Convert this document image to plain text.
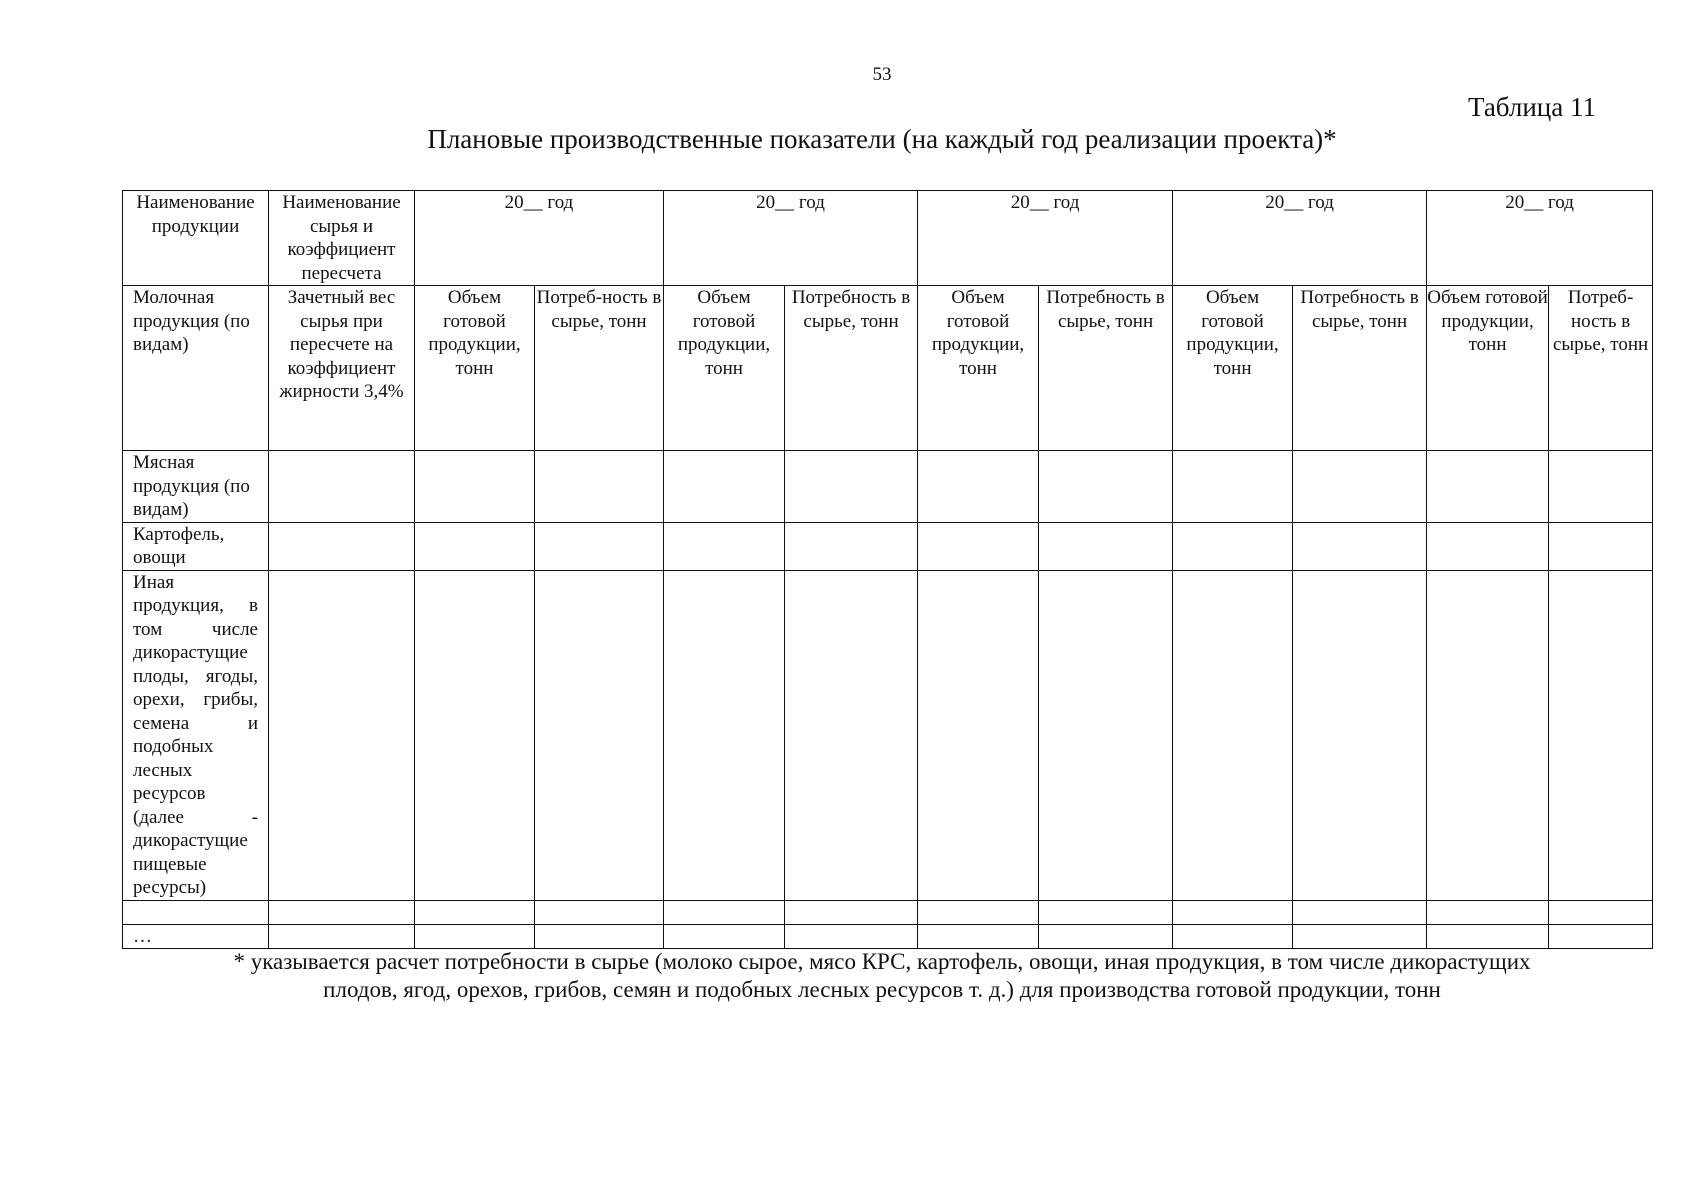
53
Таблица 11
Плановые производственные показатели (на каждый год реализации проекта)*
Наименование продукции	Наименование сырья и коэффициент пересчета	20__ год		20__ год		20__ год		20__ год		20__ год	
Молочная продукция (по видам)	Зачетный вес сырья при пересчете на коэффициент жирности 3,4%	Объем готовой продукции, тонн	Потреб-ность в сырье, тонн	Объем готовой продукции, тонн	Потребность в сырье, тонн	Объем готовой продукции, тонн	Потребность в сырье, тонн	Объем готовой продукции, тонн	Потребность в сырье, тонн	Объем готовой продукции, тонн	Потреб-ность в сырье, тонн
Мясная продукция (по видам)											
Картофель, овощи											
Иная продукция, в том числе дикорастущие плоды, ягоды, орехи, грибы, семена и подобных лесных ресурсов (далее - дикорастущие пищевые ресурсы)											

…											
* указывается расчет потребности в сырье (молоко сырое, мясо КРС, картофель, овощи, иная продукция, в том числе дикорастущих
плодов, ягод, орехов, грибов, семян и подобных лесных ресурсов т. д.) для производства готовой продукции, тонн
